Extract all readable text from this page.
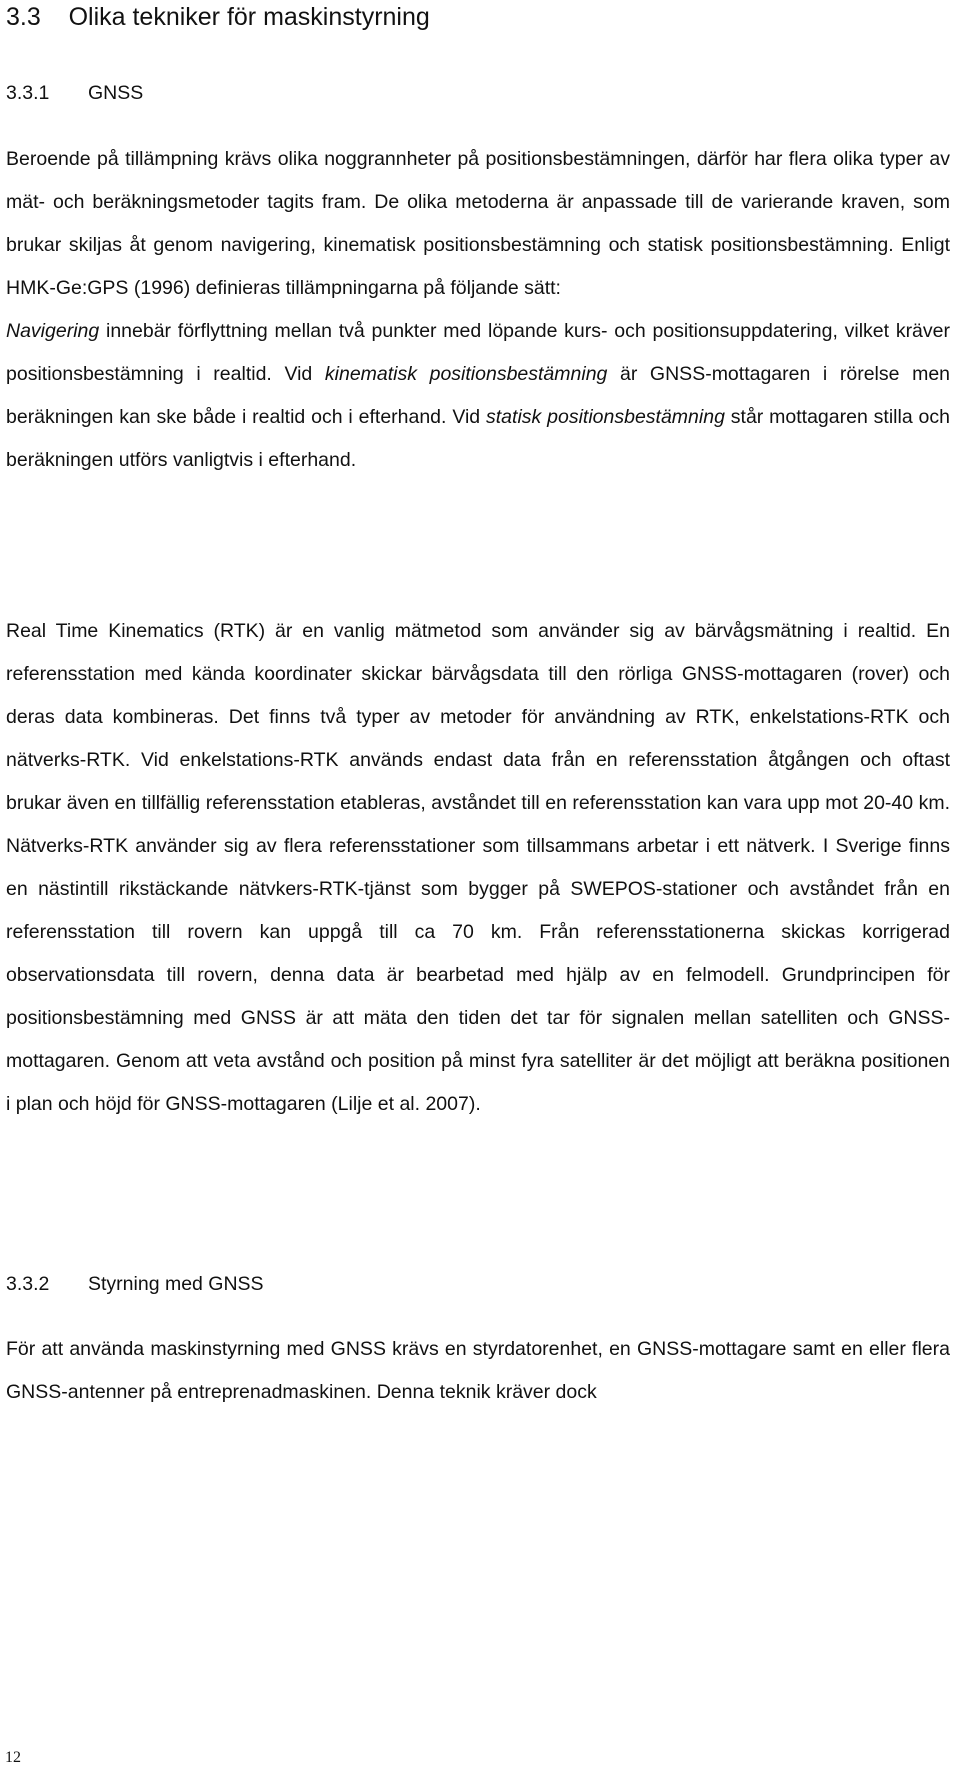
3.3 Olika tekniker för maskinstyrning
3.3.1 GNSS

Beroende på tillämpning krävs olika noggrannheter på positionsbestämningen, därför har flera olika typer av mät- och beräkningsmetoder tagits fram. De olika metoderna är anpassade till de varierande kraven, som brukar skiljas åt genom navigering, kinematisk positionsbestämning och statisk positionsbestämning. Enligt HMK-Ge:GPS (1996) definieras tillämpningarna på följande sätt:

Navigering innebär förflyttning mellan två punkter med löpande kurs- och positionsuppdatering, vilket kräver positionsbestämning i realtid. Vid kinematisk positionsbestämning är GNSS-mottagaren i rörelse men beräkningen kan ske både i realtid och i efterhand. Vid statisk positionsbestämning står mottagaren stilla och beräkningen utförs vanligtvis i efterhand.

Real Time Kinematics (RTK) är en vanlig mätmetod som använder sig av bärvågsmätning i realtid. En referensstation med kända koordinater skickar bärvågsdata till den rörliga GNSS-mottagaren (rover) och deras data kombineras. Det finns två typer av metoder för användning av RTK, enkelstations-RTK och nätverks-RTK. Vid enkelstations-RTK används endast data från en referensstation åtgången och oftast brukar även en tillfällig referensstation etableras, avståndet till en referensstation kan vara upp mot 20-40 km. Nätverks-RTK använder sig av flera referensstationer som tillsammans arbetar i ett nätverk. I Sverige finns en nästintill rikstäckande nätvkers-RTK-tjänst som bygger på SWEPOS-stationer och avståndet från en referensstation till rovern kan uppgå till ca 70 km. Från referensstationerna skickas korrigerad observationsdata till rovern, denna data är bearbetad med hjälp av en felmodell. Grundprincipen för positionsbestämning med GNSS är att mäta den tiden det tar för signalen mellan satelliten och GNSS-mottagaren. Genom att veta avstånd och position på minst fyra satelliter är det möjligt att beräkna positionen i plan och höjd för GNSS-mottagaren (Lilje et al. 2007).

3.3.2 Styrning med GNSS

För att använda maskinstyrning med GNSS krävs en styrdatorenhet, en GNSS-mottagare samt en eller flera GNSS-antenner på entreprenadmaskinen. Denna teknik kräver dock

12
